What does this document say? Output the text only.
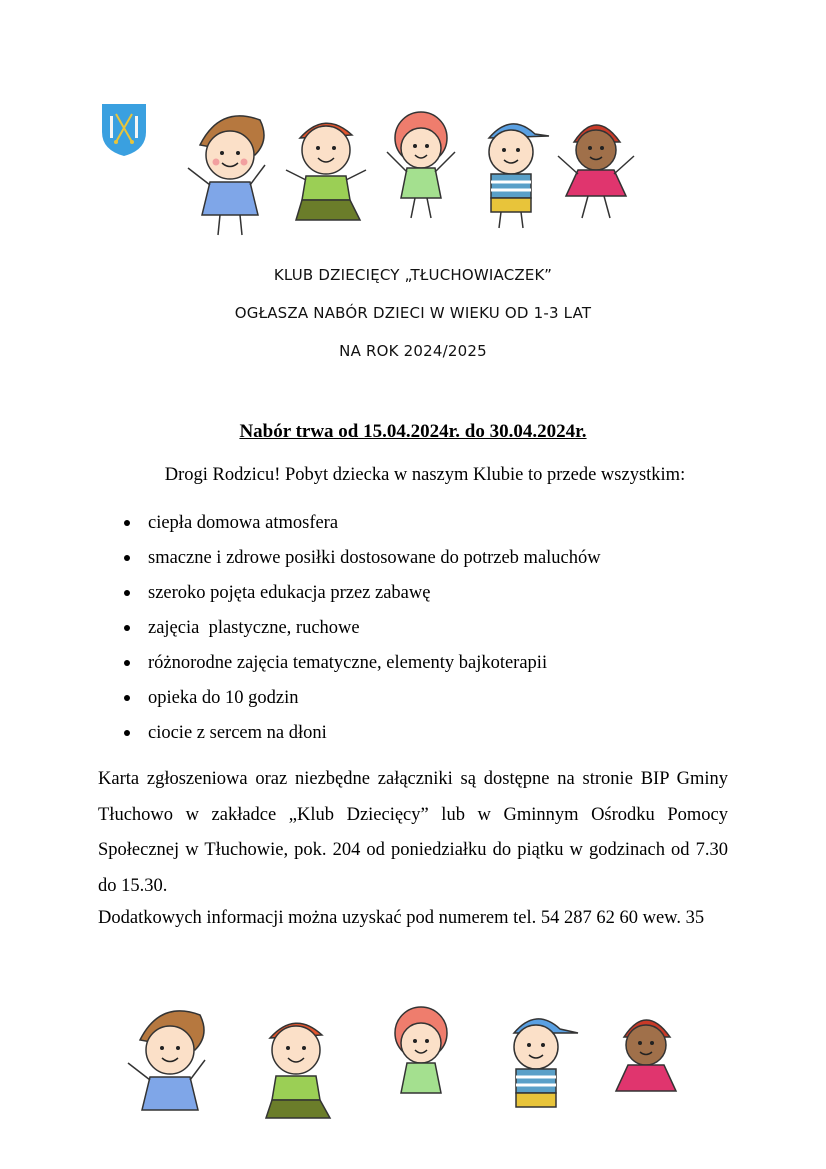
KLUB DZIECIĘCY „TŁUCHOWIACZEK”
OGŁASZA NABÓR DZIECI W WIEKU OD 1-3 LAT
NA ROK 2024/2025
Nabór trwa od 15.04.2024r. do 30.04.2024r.
Drogi Rodzicu! Pobyt dziecka w naszym Klubie to przede wszystkim:
ciepła domowa atmosfera
smaczne i zdrowe posiłki dostosowane do potrzeb maluchów
szeroko pojęta edukacja przez zabawę
zajęcia  plastyczne, ruchowe
różnorodne zajęcia tematyczne, elementy bajkoterapii
opieka do 10 godzin
ciocie z sercem na dłoni

Karta zgłoszeniowa oraz niezbędne załączniki są dostępne na stronie BIP Gminy Tłuchowo w zakładce „Klub Dziecięcy” lub w Gminnym Ośrodku Pomocy Społecznej w Tłuchowie, pok. 204 od poniedziałku do piątku w godzinach od 7.30 do 15.30.

Dodatkowych informacji można uzyskać pod numerem tel. 54 287 62 60 wew. 35
